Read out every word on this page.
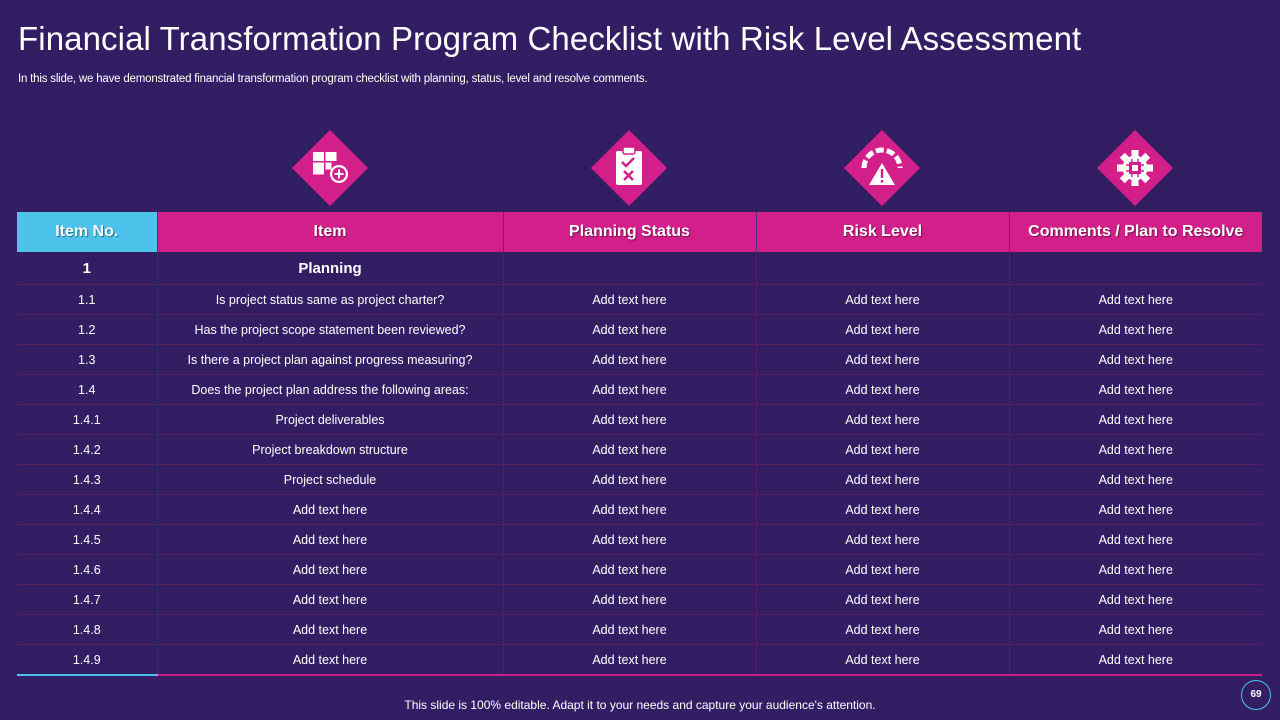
Financial Transformation Program Checklist with Risk Level Assessment
In this slide, we have demonstrated financial transformation program checklist with planning, status, level and resolve comments.
Item No.	Item	Planning Status	Risk Level	Comments / Plan to Resolve
1	Planning			
1.1	Is project status same as project charter?	Add text here	Add text here	Add text here
1.2	Has the project scope statement been reviewed?	Add text here	Add text here	Add text here
1.3	Is there a project plan against progress measuring?	Add text here	Add text here	Add text here
1.4	Does the project plan address the following areas:	Add text here	Add text here	Add text here
1.4.1	Project deliverables	Add text here	Add text here	Add text here
1.4.2	Project breakdown structure	Add text here	Add text here	Add text here
1.4.3	Project schedule	Add text here	Add text here	Add text here
1.4.4	Add text here	Add text here	Add text here	Add text here
1.4.5	Add text here	Add text here	Add text here	Add text here
1.4.6	Add text here	Add text here	Add text here	Add text here
1.4.7	Add text here	Add text here	Add text here	Add text here
1.4.8	Add text here	Add text here	Add text here	Add text here
1.4.9	Add text here	Add text here	Add text here	Add text here
This slide is 100% editable. Adapt it to your needs and capture your audience's attention.
69
